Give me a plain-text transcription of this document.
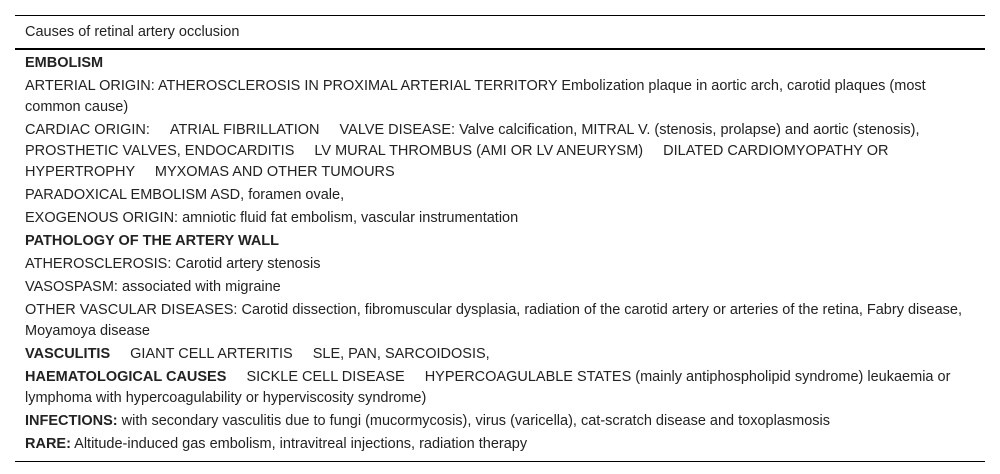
Causes of retinal artery occlusion
EMBOLISM
ARTERIAL ORIGIN: ATHEROSCLEROSIS IN PROXIMAL ARTERIAL TERRITORY Embolization plaque in aortic arch, carotid plaques (most common cause)
CARDIAC ORIGIN: ATRIAL FIBRILLATION VALVE DISEASE: Valve calcification, MITRAL V. (stenosis, prolapse) and aortic (stenosis), PROSTHETIC VALVES, ENDOCARDITIS LV MURAL THROMBUS (AMI OR LV ANEURYSM) DILATED CARDIOMYOPATHY OR HYPERTROPHY MYXOMAS AND OTHER TUMOURS
PARADOXICAL EMBOLISM ASD, foramen ovale,
EXOGENOUS ORIGIN: amniotic fluid fat embolism, vascular instrumentation
PATHOLOGY OF THE ARTERY WALL
ATHEROSCLEROSIS: Carotid artery stenosis
VASOSPASM: associated with migraine
OTHER VASCULAR DISEASES: Carotid dissection, fibromuscular dysplasia, radiation of the carotid artery or arteries of the retina, Fabry disease, Moyamoya disease
VASCULITIS GIANT CELL ARTERITIS SLE, PAN, SARCOIDOSIS,
HAEMATOLOGICAL CAUSES SICKLE CELL DISEASE HYPERCOAGULABLE STATES (mainly antiphospholipid syndrome) leukaemia or lymphoma with hypercoagulability or hyperviscosity syndrome)
INFECTIONS: with secondary vasculitis due to fungi (mucormycosis), virus (varicella), cat-scratch disease and toxoplasmosis
RARE: Altitude-induced gas embolism, intravitreal injections, radiation therapy
